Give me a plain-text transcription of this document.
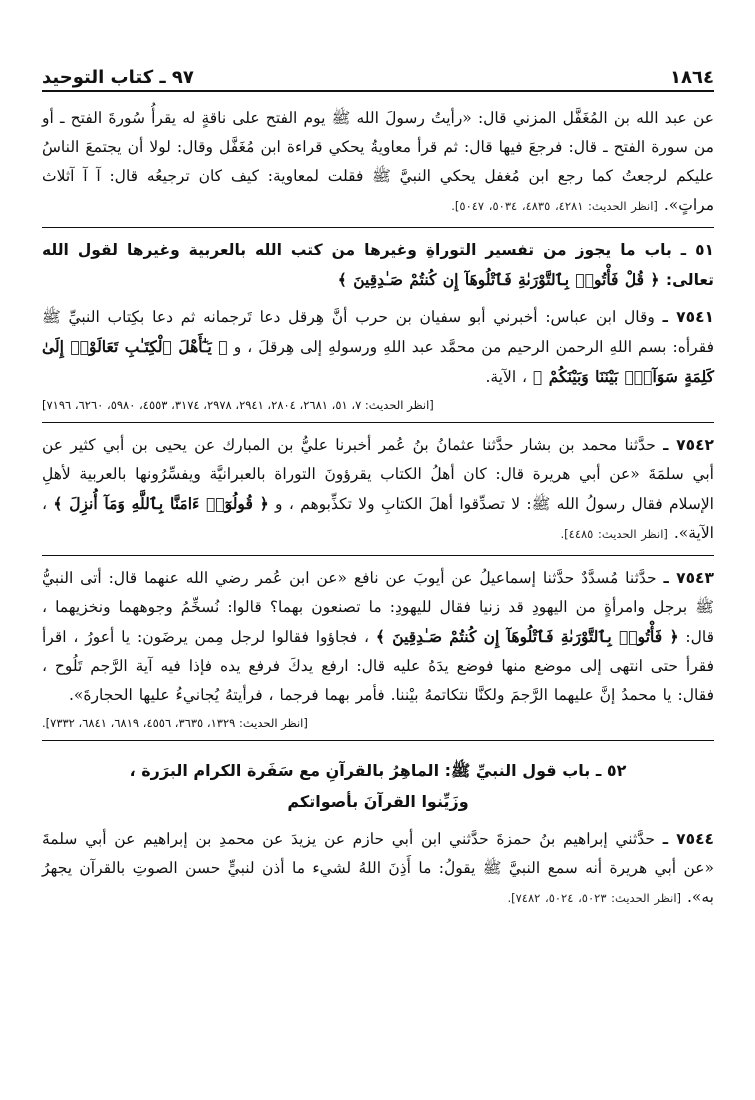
١٨٦٤
٩٧ ـ كتاب التوحيد

عن عبد الله بن المُغَفَّل المزني قال: «رأيتُ رسولَ الله ﷺ يوم الفتح على ناقةٍ له يقرأُ سُورةَ الفتح ـ أو من سورة الفتح ـ قال: فرجعَ فيها قال: ثم قرأ معاويةُ يحكي قراءة ابن مُغَفَّل وقال: لولا أن يجتمعَ الناسُ عليكم لرجعتُ كما رجع ابن مُغفل يحكي النبيَّ ﷺ فقلت لمعاوية: كيف كان ترجيعُه قال: آ آ آثلاث مراتٍ». [انظر الحديث: ٤٢٨١، ٤٨٣٥، ٥٠٣٤، ٥٠٤٧].

٥١ ـ باب ما يجوز من تفسير التوراةِ وغيرها من كتب الله بالعربية وغيرها لقول الله تعالى: ﴿ قُلْ فَأْتُوا۟ بِٱلتَّوْرَىٰةِ فَٱتْلُوهَآ إِن كُنتُمْ صَـٰدِقِينَ ﴾

٧٥٤١ ـ وقال ابن عباس: أخبرني أبو سفيان بن حرب أنَّ هِرقل دعا تَرجمانه ثم دعا بكِتاب النبيِّ ﷺ فقرأه: بسم اللهِ الرحمن الرحيم من محمَّد عبد اللهِ ورسولهِ إلى هِرقلَ ، و ﴿ يَـٰٓأَهْلَ ٱلْكِتَـٰبِ تَعَالَوْا۟ إِلَىٰ كَلِمَةٍ سَوَآءٍۭ بَيْنَنَا وَبَيْنَكُمْ ﴾ ، الآية.

[انظر الحديث: ٧، ٥١، ٢٦٨١، ٢٨٠٤، ٢٩٤١، ٢٩٧٨، ٣١٧٤، ٤٥٥٣، ٥٩٨٠، ٦٢٦٠، ٧١٩٦]

٧٥٤٢ ـ حدَّثنا محمد بن بشار حدَّثنا عثمانُ بنُ عُمر أخبرنا عليُّ بن المبارك عن يحيى بن أبي كثير عن أبي سلمَةَ «عن أبي هريرة قال: كان أهلُ الكتاب يقرؤونَ التوراة بالعبرانيَّة ويفسِّرُونها بالعربية لأهلِ الإسلام فقال رسولُ الله ﷺ: لا تصدِّقوا أهلَ الكتابِ ولا تكذِّبوهم ، و ﴿ قُولُوٓا۟ ءَامَنَّا بِٱللَّهِ وَمَآ أُنزِلَ ﴾ ، الآية». [انظر الحديث: ٤٤٨٥].

٧٥٤٣ ـ حدَّثنا مُسدَّدٌ حدَّثنا إسماعيلُ عن أيوبَ عن نافع «عن ابن عُمر رضي الله عنهما قال: أتى النبيُّ ﷺ برجل وامرأةٍ من اليهودِ قد زنيا فقال لليهودِ: ما تصنعون بهما؟ قالوا: نُسخِّمُ وجوههما ونخزيهما ، قال: ﴿ فَأْتُوا۟ بِٱلتَّوْرَىٰةِ فَٱتْلُوهَآ إِن كُنتُمْ صَـٰدِقِينَ ﴾ ، فجاؤوا فقالوا لرجل مِمن يرضَون: يا أعورُ ، اقرأ فقرأ حتى انتهى إلى موضع منها فوضع يدَهُ عليه قال: ارفع يدكَ فرفع يده فإذا فيه آية الرَّجم تَلُوح ، فقال: يا محمدُ إنَّ عليهما الرَّجمَ ولكنَّا نتكاتمهُ بيْننا. فأمر بهما فرجما ، فرأيتهُ يُجانيءُ عليها الحجارةَ».

[انظر الحديث: ١٣٢٩، ٣٦٣٥، ٤٥٥٦، ٦٨١٩، ٦٨٤١، ٧٣٣٢].
٥٢ ـ باب قول النبيِّ ﷺ: الماهِرُ بالقرآنِ مع سَفَرة الكرام البرَرة ،
وزَيِّنوا القرآنَ بأصواتكم

٧٥٤٤ ـ حدَّثني إبراهيم بنُ حمزةَ حدَّثني ابن أبي حازم عن يزيدَ عن محمدِ بن إبراهيم عن أبي سلمةَ «عن أبي هريرة أنه سمع النبيَّ ﷺ يقولُ: ما أَذِنَ اللهُ لشيء ما أذن لنبيٍّ حسن الصوتِ بالقرآن يجهرُ به». [انظر الحديث: ٥٠٢٣، ٥٠٢٤، ٧٤٨٢].
